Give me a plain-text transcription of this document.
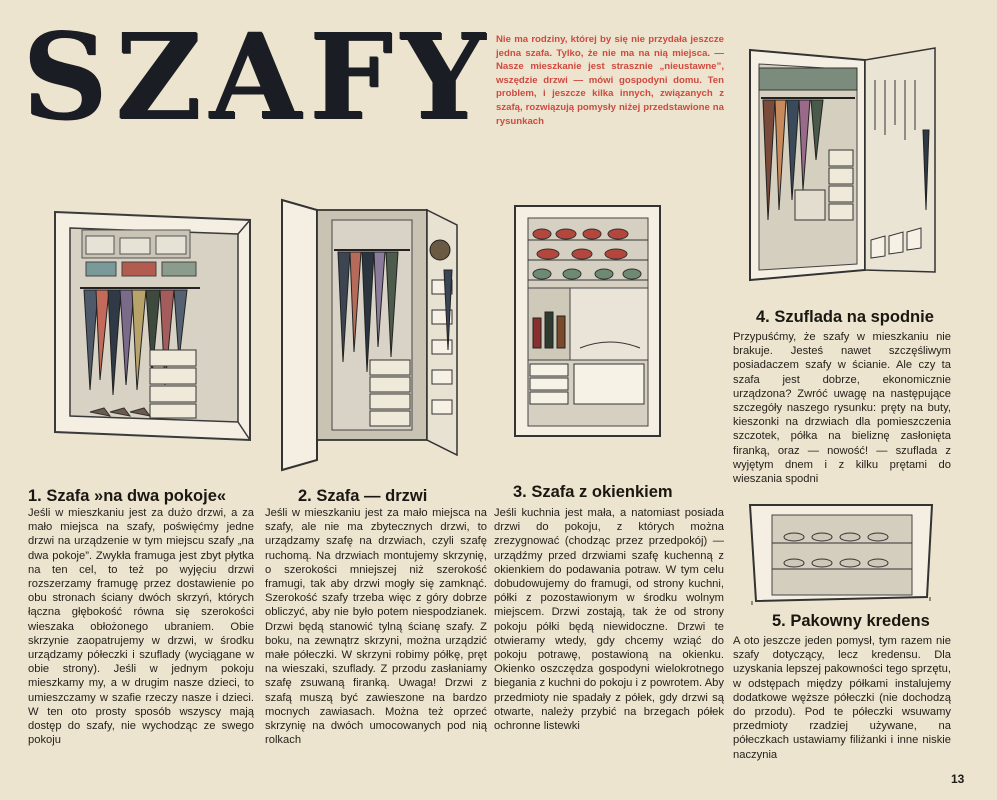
SZAFY Nie ma rodziny, której by się nie przydała jeszcze jedna szafa. Tylko, że nie ma na nią miejsca. — Nasze mieszkanie jest strasznie „nieustawne”, wszędzie drzwi — mówi gospodyni domu. Ten problem, i jeszcze kilka innych, związanych z szafą, rozwiązują pomysły niżej przedstawione na rysunkach

1. Szafa »na dwa pokoje«

Jeśli w mieszkaniu jest za dużo drzwi, a za mało miejsca na szafy, poświęćmy jedne drzwi na urządzenie w tym miejscu szafy „na dwa pokoje”. Zwykła framuga jest zbyt płytka na ten cel, to też po wyjęciu drzwi rozszerzamy framugę przez dostawienie po obu stronach ściany dwóch skrzyń, których łączna głębokość równa się szerokości wieszaka obłożonego ubraniem. Obie skrzynie zaopatrujemy w drzwi, w środku urządzamy półeczki i szuflady (wyciągane w obie strony). Jeśli w jednym pokoju mieszkamy my, a w drugim nasze dzieci, to umieszczamy w szafie rzeczy nasze i dzieci. W ten oto prosty sposób wszyscy mają dostęp do szafy, nie wychodząc ze swego pokoju

2. Szafa — drzwi

Jeśli w mieszkaniu jest za mało miejsca na szafy, ale nie ma zbytecznych drzwi, to urządzamy szafę na drzwiach, czyli szafę ruchomą. Na drzwiach montujemy skrzynię, o szerokości mniejszej niż szerokość framugi, tak aby drzwi mogły się zamknąć. Szerokość szafy trzeba więc z góry dobrze obliczyć, aby nie było potem niespodzianek. Drzwi będą stanowić tylną ścianę szafy. Z boku, na zewnątrz skrzyni, można urządzić małe półeczki. W skrzyni robimy półkę, pręt na wieszaki, szuflady. Z przodu zasłaniamy szafę zsuwaną firanką. Uwaga! Drzwi z szafą muszą być zawieszone na bardzo mocnych zawiasach. Można też oprzeć skrzynię na dwóch umocowanych pod nią rolkach

3. Szafa z okienkiem

Jeśli kuchnia jest mała, a natomiast posiada drzwi do pokoju, z których można zrezygnować (chodząc przez przedpokój) — urządźmy przed drzwiami szafę kuchenną z okienkiem do podawania potraw. W tym celu dobudowujemy do framugi, od strony kuchni, półki z pozostawionym w środku wolnym miejscem. Drzwi zostają, tak że od strony pokoju półki będą niewidoczne. Drzwi te otwieramy wtedy, gdy chcemy wziąć do pokoju potrawę, postawioną na okienku. Okienko oszczędza gospodyni wielokrotnego biegania z kuchni do pokoju i z powrotem. Aby przedmioty nie spadały z półek, gdy drzwi są otwarte, należy przybić na brzegach półek ochronne listewki

4. Szuflada na spodnie

Przypuśćmy, że szafy w mieszkaniu nie brakuje. Jesteś nawet szczęśliwym posiadaczem szafy w ścianie. Ale czy ta szafa jest dobrze, ekonomicznie urządzona? Zwróć uwagę na następujące szczegóły naszego rysunku: pręty na buty, kieszonki na drzwiach dla pomieszczenia szczotek, półka na bieliznę zasłonięta firanką, oraz — nowość! — szuflada z wyjętym dnem i z kilku prętami do wieszania spodni

5. Pakowny kredens

A oto jeszcze jeden pomysł, tym razem nie szafy dotyczący, lecz kredensu. Dla uzyskania lepszej pakowności tego sprzętu, w odstępach między półkami instalujemy dodatkowe węższe półeczki (nie dochodzą do przodu). Pod te półeczki wsuwamy przedmioty rzadziej używane, na półeczkach ustawiamy filiżanki i inne niskie naczynia

13
